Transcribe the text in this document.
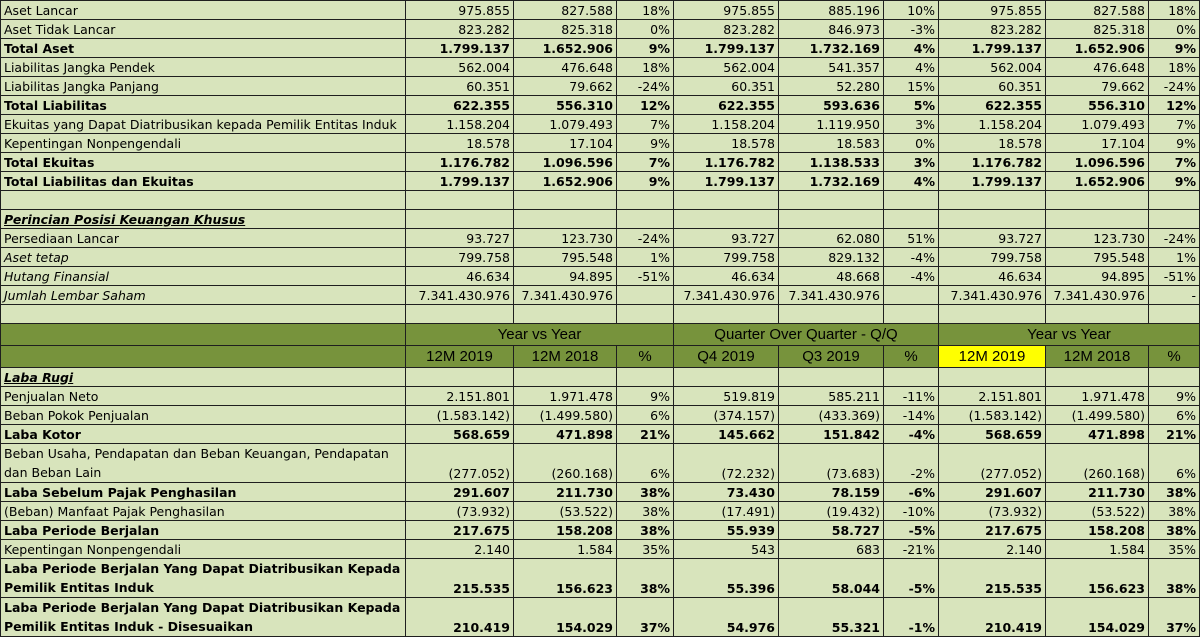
Aset Lancar	975.855	827.588	18%	975.855	885.196	10%	975.855	827.588	18%
Aset Tidak Lancar	823.282	825.318	0%	823.282	846.973	-3%	823.282	825.318	0%
Total Aset	1.799.137	1.652.906	9%	1.799.137	1.732.169	4%	1.799.137	1.652.906	9%
Liabilitas Jangka Pendek	562.004	476.648	18%	562.004	541.357	4%	562.004	476.648	18%
Liabilitas Jangka Panjang	60.351	79.662	-24%	60.351	52.280	15%	60.351	79.662	-24%
Total Liabilitas	622.355	556.310	12%	622.355	593.636	5%	622.355	556.310	12%
Ekuitas yang Dapat Diatribusikan kepada Pemilik Entitas Induk	1.158.204	1.079.493	7%	1.158.204	1.119.950	3%	1.158.204	1.079.493	7%
Kepentingan Nonpengendali	18.578	17.104	9%	18.578	18.583	0%	18.578	17.104	9%
Total Ekuitas	1.176.782	1.096.596	7%	1.176.782	1.138.533	3%	1.176.782	1.096.596	7%
Total Liabilitas dan Ekuitas	1.799.137	1.652.906	9%	1.799.137	1.732.169	4%	1.799.137	1.652.906	9%

Perincian Posisi Keuangan Khusus									
Persediaan Lancar	93.727	123.730	-24%	93.727	62.080	51%	93.727	123.730	-24%
Aset tetap	799.758	795.548	1%	799.758	829.132	-4%	799.758	795.548	1%
Hutang Finansial	46.634	94.895	-51%	46.634	48.668	-4%	46.634	94.895	-51%
Jumlah Lembar Saham	7.341.430.976	7.341.430.976		7.341.430.976	7.341.430.976		7.341.430.976	7.341.430.976	-

	Year vs Year			Quarter Over Quarter - Q/Q			Year vs Year		
	12M 2019	12M 2018	%	Q4 2019	Q3 2019	%	12M 2019	12M 2018	%
Laba Rugi									
Penjualan Neto	2.151.801	1.971.478	9%	519.819	585.211	-11%	2.151.801	1.971.478	9%
Beban Pokok Penjualan	(1.583.142)	(1.499.580)	6%	(374.157)	(433.369)	-14%	(1.583.142)	(1.499.580)	6%
Laba Kotor	568.659	471.898	21%	145.662	151.842	-4%	568.659	471.898	21%
Beban Usaha, Pendapatan dan Beban Keuangan, Pendapatan dan Beban Lain	(277.052)	(260.168)	6%	(72.232)	(73.683)	-2%	(277.052)	(260.168)	6%
Laba Sebelum Pajak Penghasilan	291.607	211.730	38%	73.430	78.159	-6%	291.607	211.730	38%
(Beban) Manfaat Pajak Penghasilan	(73.932)	(53.522)	38%	(17.491)	(19.432)	-10%	(73.932)	(53.522)	38%
Laba Periode Berjalan	217.675	158.208	38%	55.939	58.727	-5%	217.675	158.208	38%
Kepentingan Nonpengendali	2.140	1.584	35%	543	683	-21%	2.140	1.584	35%
Laba Periode Berjalan Yang Dapat Diatribusikan Kepada Pemilik Entitas Induk	215.535	156.623	38%	55.396	58.044	-5%	215.535	156.623	38%
Laba Periode Berjalan Yang Dapat Diatribusikan Kepada Pemilik Entitas Induk - Disesuaikan	210.419	154.029	37%	54.976	55.321	-1%	210.419	154.029	37%
